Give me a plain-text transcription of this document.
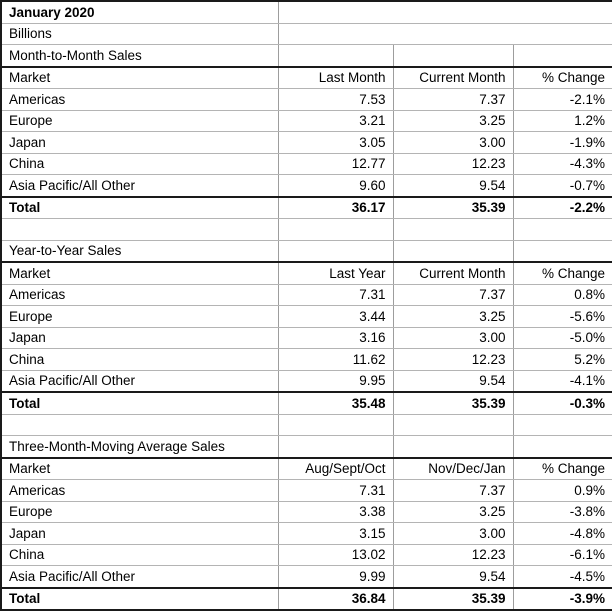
January 2020			
Billions			
Month-to-Month Sales			
Market	Last Month	Current Month	% Change
Americas	7.53	7.37	-2.1%
Europe	3.21	3.25	1.2%
Japan	3.05	3.00	-1.9%
China	12.77	12.23	-4.3%
Asia Pacific/All Other	9.60	9.54	-0.7%
Total	36.17	35.39	-2.2%

Year-to-Year Sales			
Market	Last Year	Current Month	% Change
Americas	7.31	7.37	0.8%
Europe	3.44	3.25	-5.6%
Japan	3.16	3.00	-5.0%
China	11.62	12.23	5.2%
Asia Pacific/All Other	9.95	9.54	-4.1%
Total	35.48	35.39	-0.3%

Three-Month-Moving Average Sales			
Market	Aug/Sept/Oct	Nov/Dec/Jan	% Change
Americas	7.31	7.37	0.9%
Europe	3.38	3.25	-3.8%
Japan	3.15	3.00	-4.8%
China	13.02	12.23	-6.1%
Asia Pacific/All Other	9.99	9.54	-4.5%
Total	36.84	35.39	-3.9%
